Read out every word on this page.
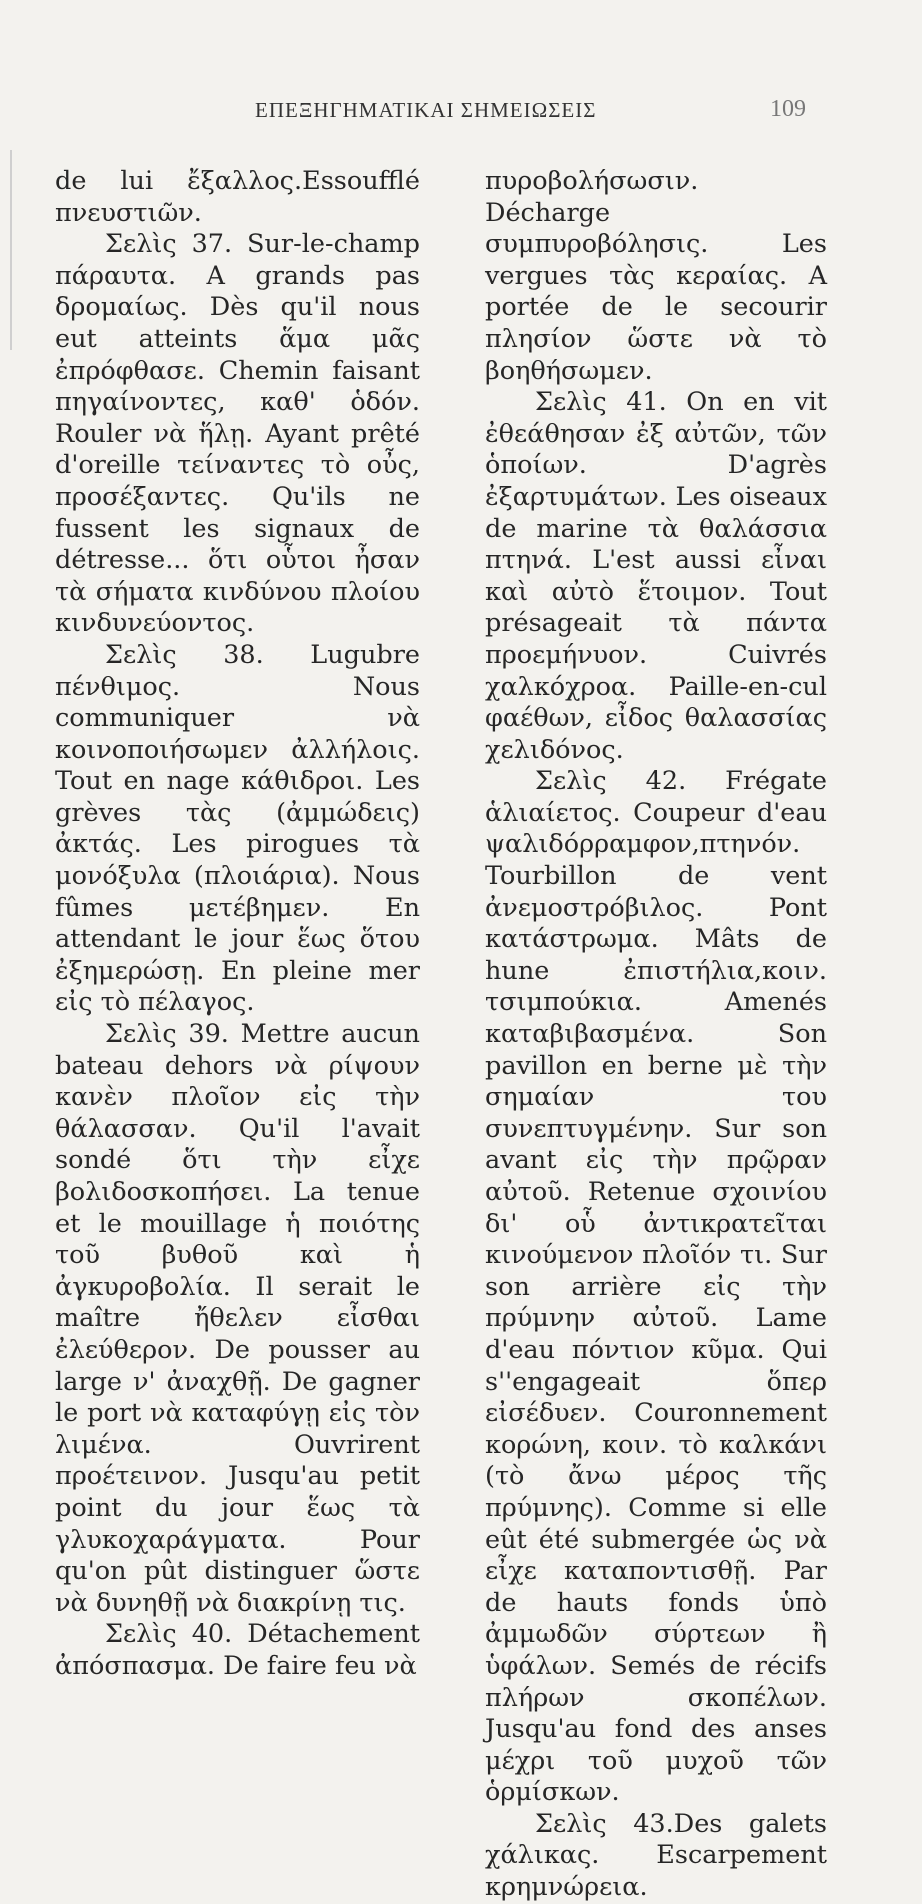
ΕΠΕΞΗΓΗΜΑΤΙΚΑΙ ΣΗΜΕΙΩΣΕΙΣ	109

de lui ἔξαλλος.Essoufflé πνευστιῶν.

Σελὶς 37. Sur-le-champ πάραυτα. A grands pas δρομαίως. Dès qu'il nous eut atteints ἅμα μᾶς ἐπρόφθασε. Chemin faisant πηγαίνοντες, καθ' ὁδόν. Rouler νὰ ἥλῃ. Ayant prêté d'oreille τείναντες τὸ οὖς, προσέξαντες. Qu'ils ne fussent les signaux de détresse... ὅτι οὗτοι ἦσαν τὰ σήματα κινδύνου πλοίου κινδυνεύοντος.

Σελὶς 38. Lugubre πένθιμος. Nous communiquer νὰ κοινοποιήσωμεν ἀλλήλοις. Tout en nage κάθιδροι. Les grèves τὰς (ἀμμώδεις) ἀκτάς. Les pirogues τὰ μονόξυλα (πλοιάρια). Nous fûmes μετέβημεν. En attendant le jour ἕως ὅτου ἐξημερώσῃ. En pleine mer εἰς τὸ πέλαγος.

Σελὶς 39. Mettre aucun bateau dehors νὰ ρίψουν κανὲν πλοῖον εἰς τὴν θάλασσαν. Qu'il l'avait sondé ὅτι τὴν εἶχε βολιδοσκοπήσει. La tenue et le mouillage ἡ ποιότης τοῦ βυθοῦ καὶ ἡ ἀγκυροβολία. Il serait le maître ἤθελεν εἶσθαι ἐλεύθερον. De pousser au large ν' ἀναχθῇ. De gagner le port νὰ καταφύγῃ εἰς τὸν λιμένα. Ouvrirent προέτεινον. Jusqu'au petit point du jour ἕως τὰ γλυκοχαράγματα. Pour qu'on pût distinguer ὥστε νὰ δυνηθῇ νὰ διακρίνῃ τις.

Σελὶς 40. Détachement ἀπόσπασμα. De faire feu νὰ

πυροβολήσωσιν. Décharge συμπυροβόλησις. Les vergues τὰς κεραίας. A portée de le secourir πλησίον ὥστε νὰ τὸ βοηθήσωμεν.

Σελὶς 41. On en vit ἐθεάθησαν ἐξ αὐτῶν, τῶν ὁποίων. D'agrès ἐξαρτυμάτων. Les oiseaux de marine τὰ θαλάσσια πτηνά. L'est aussi εἶναι καὶ αὐτὸ ἕτοιμον. Tout présageait τὰ πάντα προεμήνυον. Cuivrés χαλκόχροα. Paille-en-cul φαέθων, εἶδος θαλασσίας χελιδόνος.

Σελὶς 42. Frégate ἁλιαίετος. Coupeur d'eau ψαλιδόρραμφον,πτηνόν. Tourbillon de vent ἀνεμοστρόβιλος. Pont κατάστρωμα. Mâts de hune ἐπιστήλια,κοιν. τσιμπούκια. Amenés καταβιβασμένα. Son pavillon en berne μὲ τὴν σημαίαν του συνεπτυγμένην. Sur son avant εἰς τὴν πρῷραν αὐτοῦ. Retenue σχοινίου δι' οὗ ἀντικρατεῖται κινούμενον πλοῖόν τι. Sur son arrière εἰς τὴν πρύμνην αὐτοῦ. Lame d'eau πόντιον κῦμα. Qui s''engageait ὅπερ εἰσέδυεν. Couronnement κορώνη, κοιν. τὸ καλκάνι (τὸ ἄνω μέρος τῆς πρύμνης). Comme si elle eût été submergée ὡς νὰ εἶχε καταποντισθῇ. Par de hauts fonds ὑπὸ ἀμμωδῶν σύρτεων ἢ ὑφάλων. Semés de récifs πλήρων σκοπέλων. Jusqu'au fond des anses μέχρι τοῦ μυχοῦ τῶν ὁρμίσκων.

Σελὶς 43.Des galets χάλικας. Escarpement κρημνώρεια.
